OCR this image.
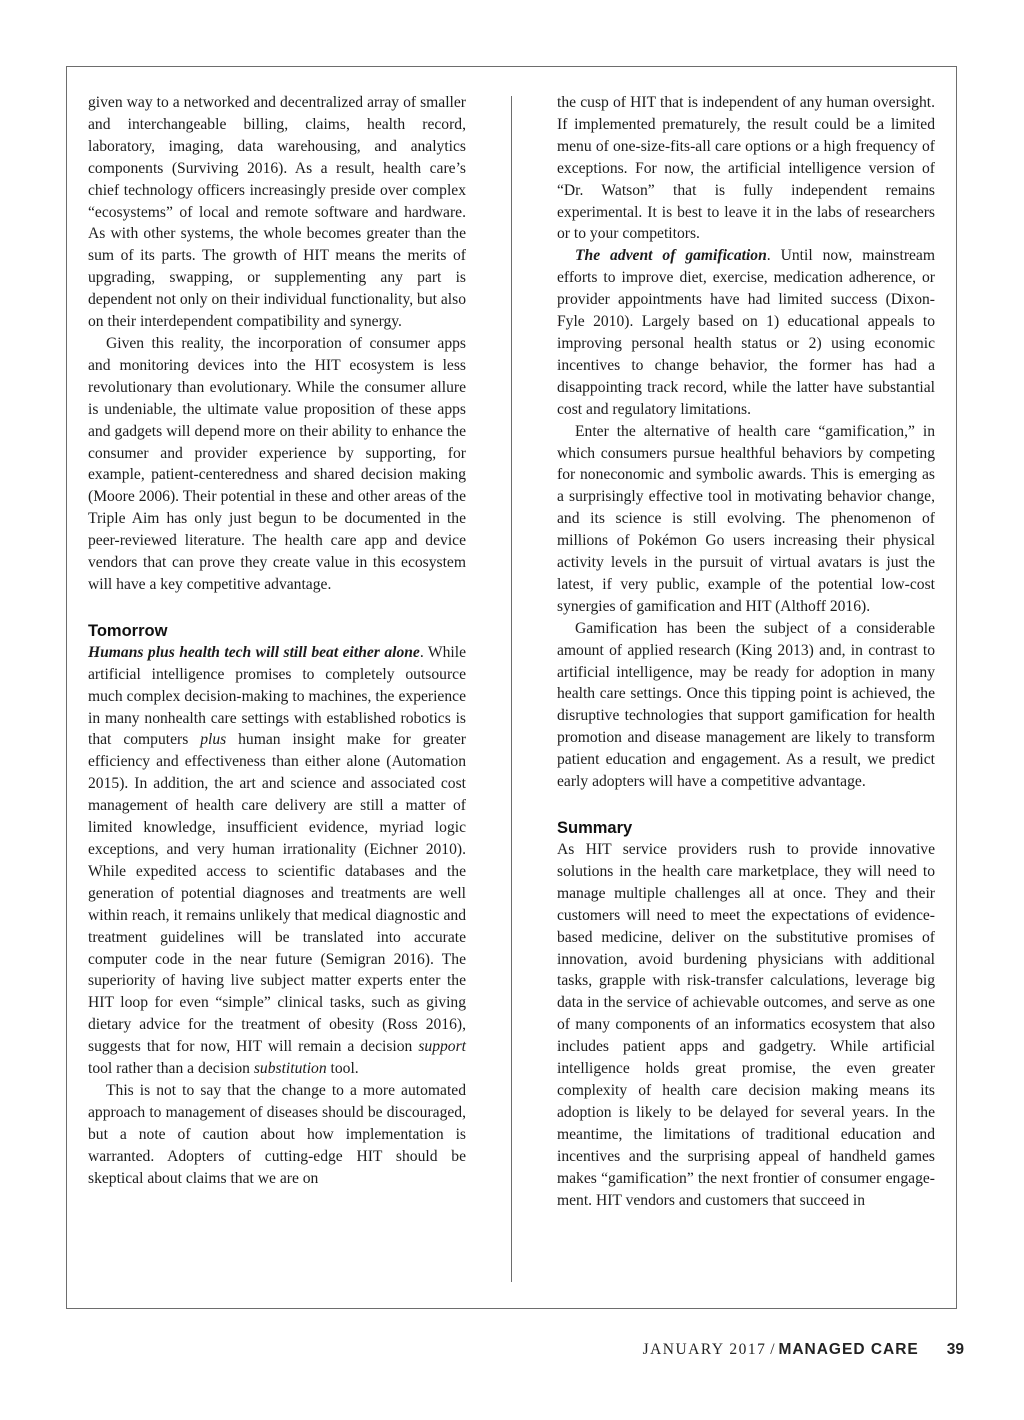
given way to a networked and decentralized array of smaller and interchangeable billing, claims, health record, laboratory, imaging, data warehousing, and analytics components (Surviving 2016). As a result, health care’s chief technology officers increasingly preside over complex “ecosystems” of local and remote software and hardware. As with other systems, the whole becomes greater than the sum of its parts. The growth of HIT means the merits of upgrading, swapping, or supplementing any part is dependent not only on their individual functionality, but also on their interdependent compatibility and synergy.

Given this reality, the incorporation of consumer apps and monitoring devices into the HIT ecosystem is less revolutionary than evolutionary. While the consumer allure is undeniable, the ultimate value proposition of these apps and gadgets will depend more on their ability to enhance the consumer and provider experience by supporting, for example, patient-centeredness and shared decision making (Moore 2006). Their potential in these and other areas of the Triple Aim has only just begun to be documented in the peer-reviewed literature. The health care app and device vendors that can prove they create value in this ecosystem will have a key competitive advantage.

Tomorrow

Humans plus health tech will still beat either alone. While artificial intelligence promises to completely outsource much complex decision-making to machines, the experience in many nonhealth care settings with established robotics is that computers plus human insight make for greater efficiency and effectiveness than either alone (Automation 2015). In addition, the art and science and associated cost management of health care delivery are still a matter of limited knowledge, insufficient evidence, myriad logic exceptions, and very human irrationality (Eichner 2010). While expedited access to scientific databases and the generation of potential diagnoses and treatments are well within reach, it remains unlikely that medical diagnostic and treatment guidelines will be translated into accurate computer code in the near future (Semigran 2016). The superiority of having live subject matter experts enter the HIT loop for even “simple” clinical tasks, such as giving dietary advice for the treatment of obesity (Ross 2016), suggests that for now, HIT will remain a decision support tool rather than a decision substitution tool.

This is not to say that the change to a more automated approach to management of diseases should be discouraged, but a note of caution about how implementation is warranted. Adopters of cutting-edge HIT should be skeptical about claims that we are on

the cusp of HIT that is independent of any human oversight. If implemented prematurely, the result could be a limited menu of one-size-fits-all care options or a high frequency of exceptions. For now, the artificial intelligence version of “Dr. Watson” that is fully independent remains experimental. It is best to leave it in the labs of researchers or to your competitors.

The advent of gamification. Until now, mainstream efforts to improve diet, exercise, medication adherence, or provider appointments have had limited success (Dixon-Fyle 2010). Largely based on 1) educational appeals to improving personal health status or 2) using economic incentives to change behavior, the former has had a disappointing track record, while the latter have substantial cost and regulatory limitations.

Enter the alternative of health care “gamification,” in which consumers pursue healthful behaviors by competing for noneconomic and symbolic awards. This is emerging as a surprisingly effective tool in motivating behavior change, and its science is still evolving. The phenomenon of millions of Pokémon Go users increasing their physical activity levels in the pursuit of virtual avatars is just the latest, if very public, example of the potential low-cost synergies of gamification and HIT (Althoff 2016).

Gamification has been the subject of a considerable amount of applied research (King 2013) and, in contrast to artificial intelligence, may be ready for adoption in many health care settings. Once this tipping point is achieved, the disruptive technologies that support gamification for health promotion and disease management are likely to transform patient education and engagement. As a result, we predict early adopters will have a competitive advantage.

Summary

As HIT service providers rush to provide innovative solutions in the health care marketplace, they will need to manage multiple challenges all at once. They and their customers will need to meet the expectations of evidence-based medicine, deliver on the substitutive promises of innovation, avoid burdening physicians with additional tasks, grapple with risk-transfer calculations, leverage big data in the service of achievable outcomes, and serve as one of many components of an informatics ecosystem that also includes patient apps and gadgetry. While artificial intelligence holds great promise, the even greater complexity of health care decision making means its adoption is likely to be delayed for several years. In the meantime, the limitations of traditional education and incentives and the surprising appeal of handheld games makes “gamification” the next frontier of consumer engagement. HIT vendors and customers that succeed in

JANUARY 2017 / MANAGED CARE 39
